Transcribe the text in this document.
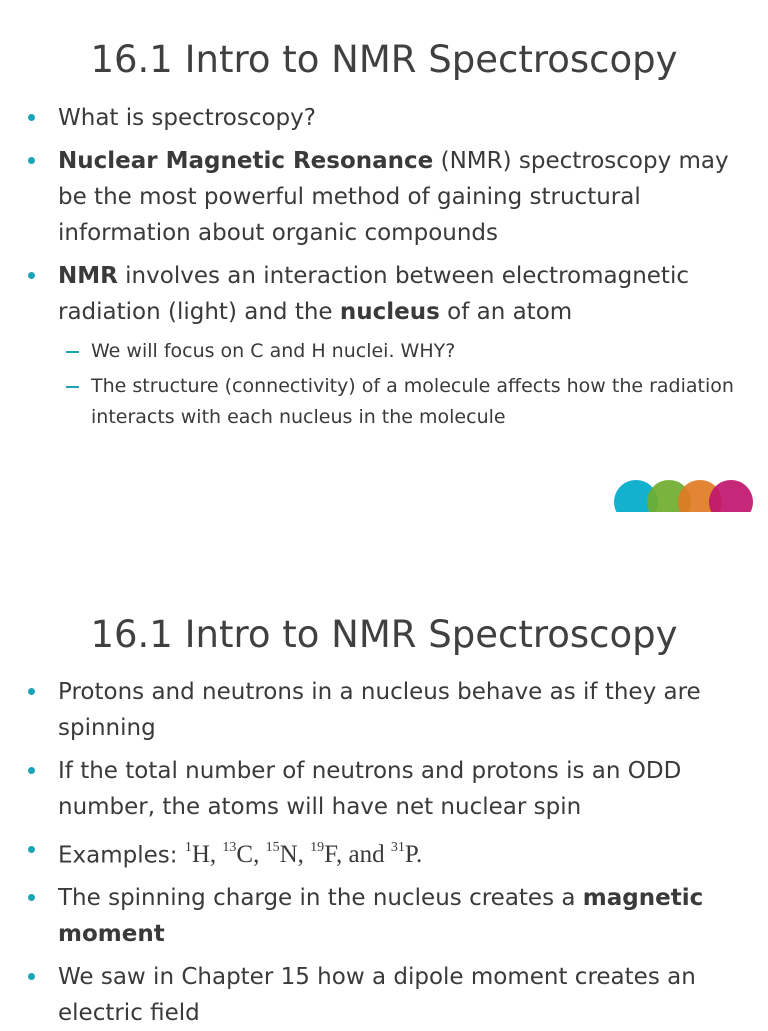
16.1 Intro to NMR Spectroscopy
What is spectroscopy?
Nuclear Magnetic Resonance (NMR) spectroscopy may be the most powerful method of gaining structural information about organic compounds
NMR involves an interaction between electromagnetic radiation (light) and the nucleus of an atom
We will focus on C and H nuclei. WHY?
The structure (connectivity) of a molecule affects how the radiation interacts with each nucleus in the molecule
16.1 Intro to NMR Spectroscopy
Protons and neutrons in a nucleus behave as if they are spinning
If the total number of neutrons and protons is an ODD number, the atoms will have net nuclear spin
Examples: $^1$H, $^{13}$C, $^{15}$N, $^{19}$F, and $^{31}$P.
The spinning charge in the nucleus creates a magnetic moment
We saw in Chapter 15 how a dipole moment creates an electric field
